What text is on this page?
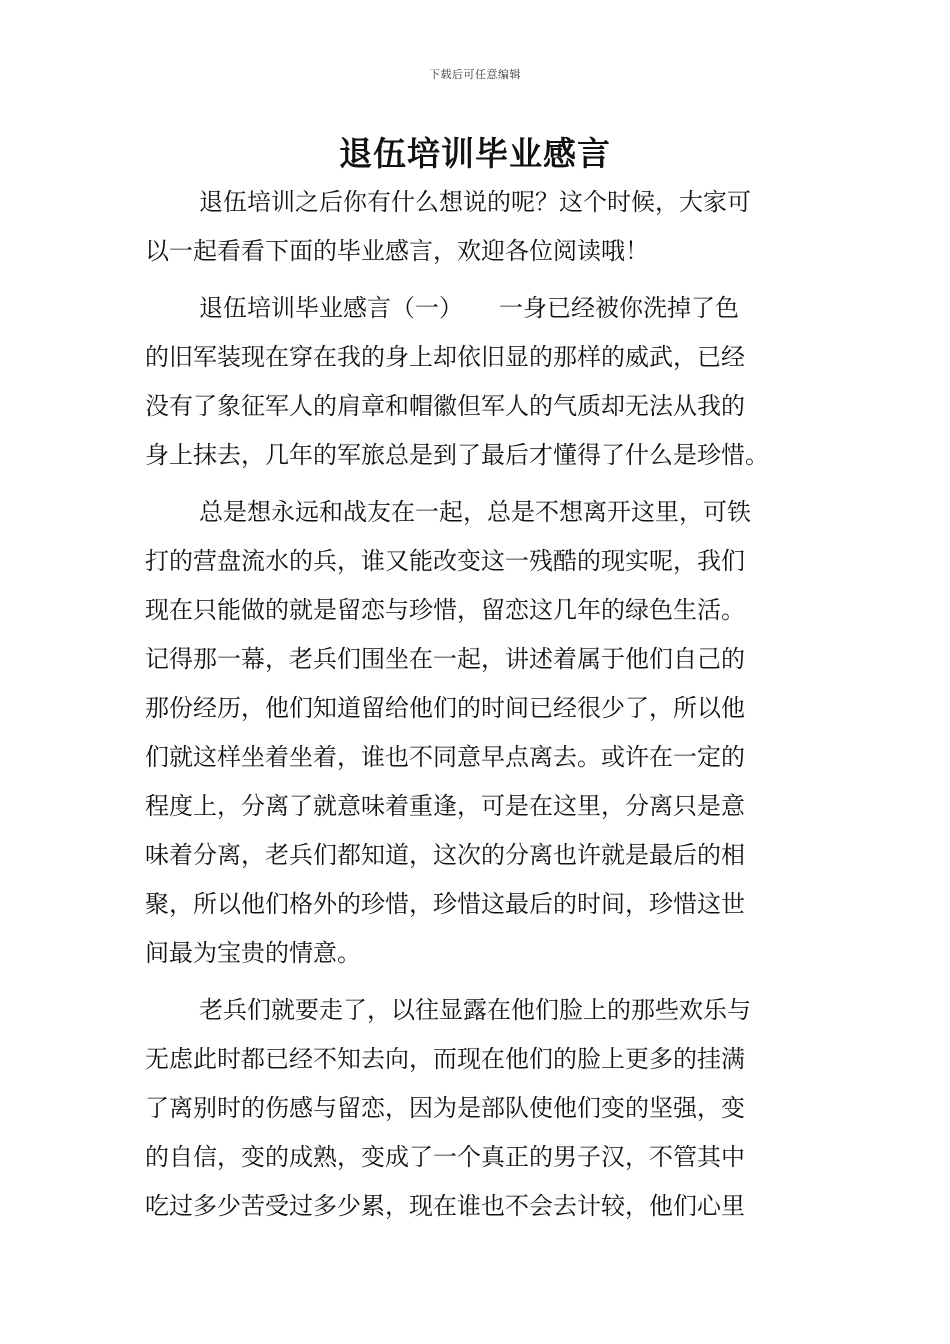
下载后可任意编辑
退伍培训毕业感言
退伍培训之后你有什么想说的呢？这个时候，大家可
以一起看看下面的毕业感言，欢迎各位阅读哦！
退伍培训毕业感言（一）　　一身已经被你洗掉了色
的旧军装现在穿在我的身上却依旧显的那样的威武，已经
没有了象征军人的肩章和帽徽但军人的气质却无法从我的
身上抹去，几年的军旅总是到了最后才懂得了什么是珍惜。
总是想永远和战友在一起，总是不想离开这里，可铁
打的营盘流水的兵，谁又能改变这一残酷的现实呢，我们
现在只能做的就是留恋与珍惜，留恋这几年的绿色生活。
记得那一幕，老兵们围坐在一起，讲述着属于他们自己的
那份经历，他们知道留给他们的时间已经很少了，所以他
们就这样坐着坐着，谁也不同意早点离去。或许在一定的
程度上，分离了就意味着重逢，可是在这里，分离只是意
味着分离，老兵们都知道，这次的分离也许就是最后的相
聚，所以他们格外的珍惜，珍惜这最后的时间，珍惜这世
间最为宝贵的情意。
老兵们就要走了，以往显露在他们脸上的那些欢乐与
无虑此时都已经不知去向，而现在他们的脸上更多的挂满
了离别时的伤感与留恋，因为是部队使他们变的坚强，变
的自信，变的成熟，变成了一个真正的男子汉，不管其中
吃过多少苦受过多少累，现在谁也不会去计较，他们心里
